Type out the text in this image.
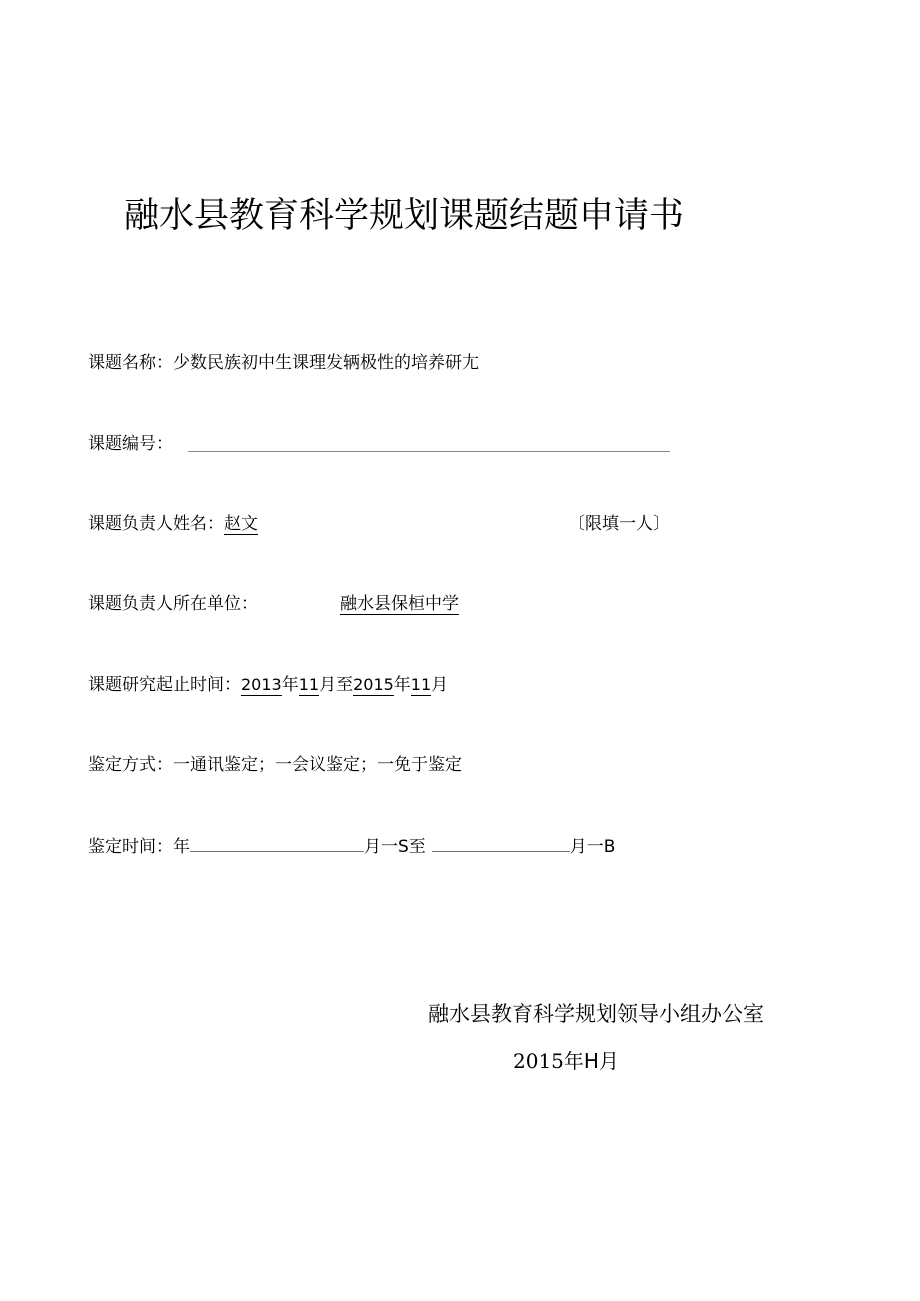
融水县教育科学规划课题结题申请书
课题名称：少数民族初中生课理发辆极性的培养研尢
课题编号：
课题负责人姓名：赵文	〔限填一人〕
课题负责人所在单位：	融水县保桓中学
课题研究起止时间：2013年11月至2015年11月
鉴定方式：一通讯鉴定；一会议鉴定；一免于鉴定
鉴定时间：年	月一S至	月一B
融水县教育科学规划领导小组办公室
2015年H月
